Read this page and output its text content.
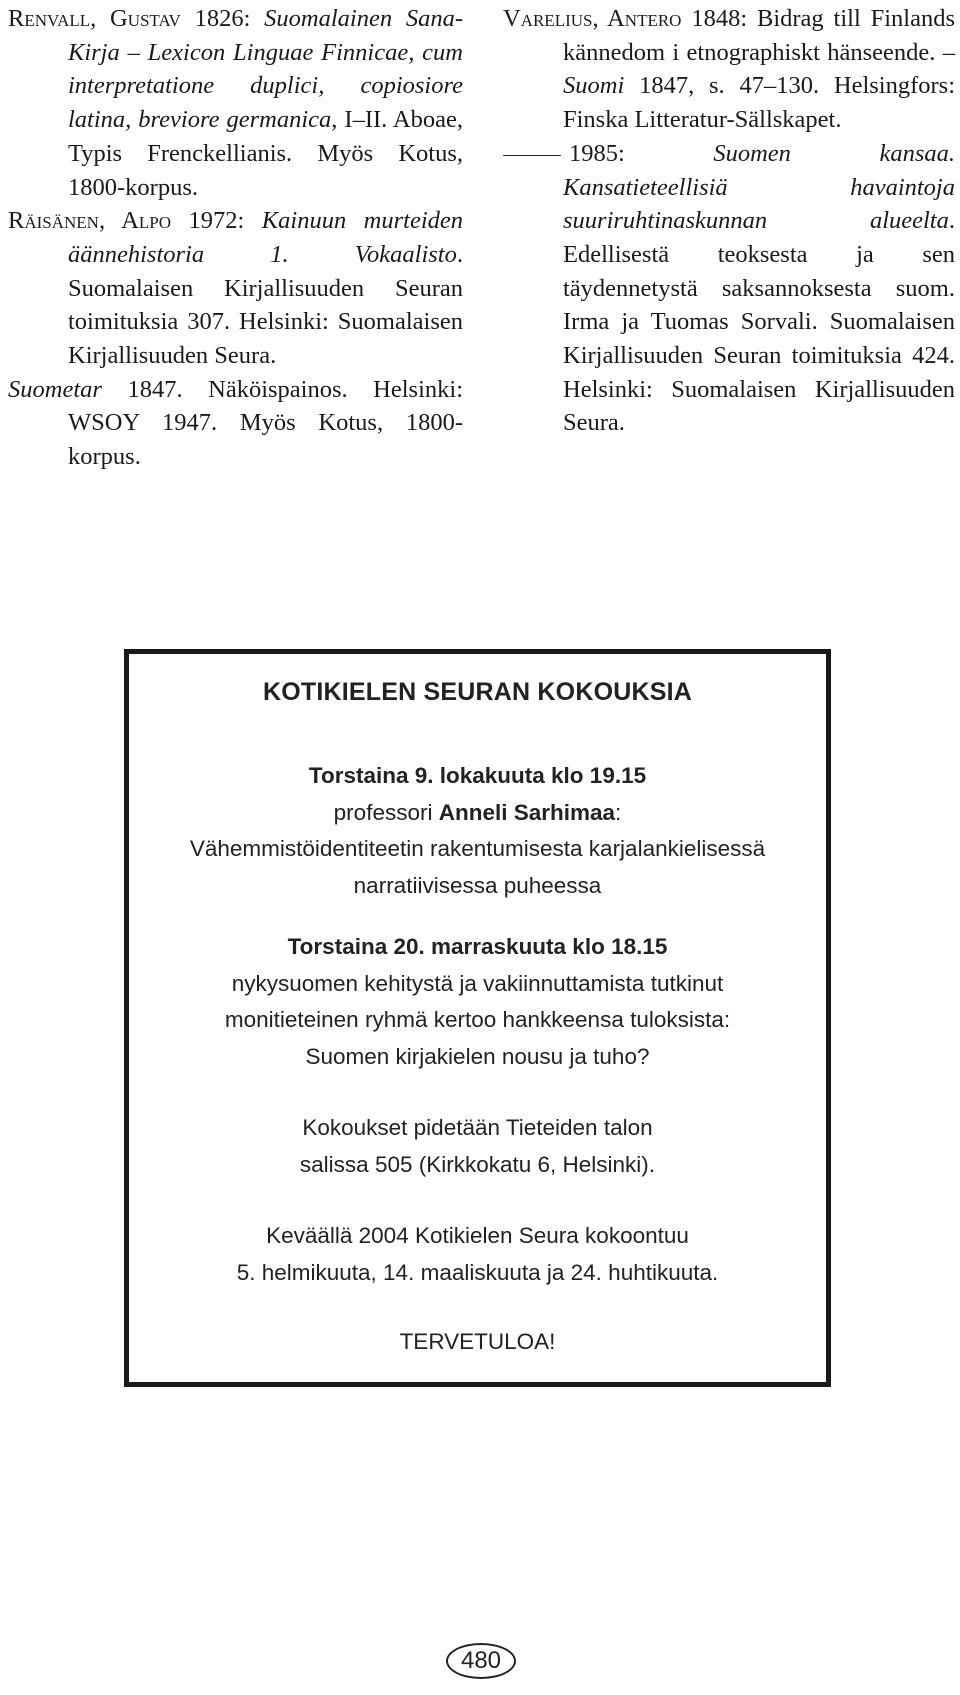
Renvall, Gustav 1826: Suomalainen Sana-Kirja – Lexicon Linguae Finnicae, cum interpretatione duplici, copiosiore latina, breviore germanica, I–II. Aboae, Typis Frenckellianis. Myös Kotus, 1800-korpus.

Räisänen, Alpo 1972: Kainuun murteiden äännehistoria 1. Vokaalisto. Suomalaisen Kirjallisuuden Seuran toimituksia 307. Helsinki: Suomalaisen Kirjallisuuden Seura.

Suometar 1847. Näköispainos. Helsinki: WSOY 1947. Myös Kotus, 1800-korpus.

Varelius, Antero 1848: Bidrag till Finlands kännedom i etnographiskt hänseende. – Suomi 1847, s. 47–130. Helsingfors: Finska Litteratur-Sällskapet.

1985:	Suomen kansaa. Kansatieteellisiä havaintoja suuriruhtinaskunnan alueelta. Edellisestä teoksesta ja sen täydennetystä saksannoksesta suom. Irma ja Tuomas Sorvali. Suomalaisen Kirjallisuuden Seuran toimituksia 424. Helsinki: Suomalaisen Kirjallisuuden Seura.

KOTIKIELEN SEURAN KOKOUKSIA
Torstaina 9. lokakuuta klo 19.15
professori Anneli Sarhimaa:
Vähemmistöidentiteetin rakentumisesta karjalankielisessä
narratiivisessa puheessa
Torstaina 20. marraskuuta klo 18.15
nykysuomen kehitystä ja vakiinnuttamista tutkinut
monitieteinen ryhmä kertoo hankkeensa tuloksista:
Suomen kirjakielen nousu ja tuho?
Kokoukset pidetään Tieteiden talon
salissa 505 (Kirkkokatu 6, Helsinki).
Keväällä 2004 Kotikielen Seura kokoontuu
5. helmikuuta, 14. maaliskuuta ja 24. huhtikuuta.
TERVETULOA!
480
